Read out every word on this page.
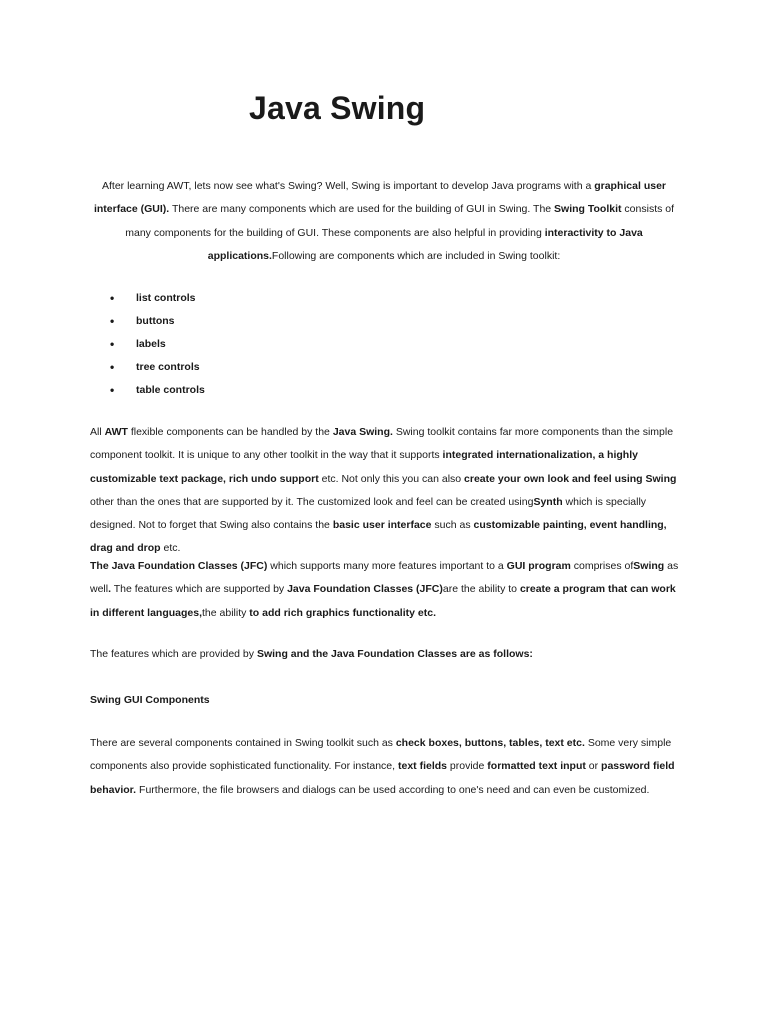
Java Swing

After learning AWT, lets now see what's Swing? Well, Swing is important to develop Java programs with a graphical user interface (GUI). There are many components which are used for the building of GUI in Swing. The Swing Toolkit consists of many components for the building of GUI. These components are also helpful in providing interactivity to Java applications.Following are components which are included in Swing toolkit:

• list controls
• buttons
• labels
• tree controls
• table controls

All AWT flexible components can be handled by the Java Swing. Swing toolkit contains far more components than the simple component toolkit. It is unique to any other toolkit in the way that it supports integrated internationalization, a highly customizable text package, rich undo support etc. Not only this you can also create your own look and feel using Swing other than the ones that are supported by it. The customized look and feel can be created usingSynth which is specially designed. Not to forget that Swing also contains the basic user interface such as customizable painting, event handling, drag and drop etc.

The Java Foundation Classes (JFC) which supports many more features important to a GUI program comprises ofSwing as well. The features which are supported by Java Foundation Classes (JFC)are the ability to create a program that can work in different languages,the ability to add rich graphics functionality etc.

The features which are provided by Swing and the Java Foundation Classes are as follows:

Swing GUI Components

There are several components contained in Swing toolkit such as check boxes, buttons, tables, text etc. Some very simple components also provide sophisticated functionality. For instance, text fields provide formatted text input or password field behavior. Furthermore, the file browsers and dialogs can be used according to one's need and can even be customized.
